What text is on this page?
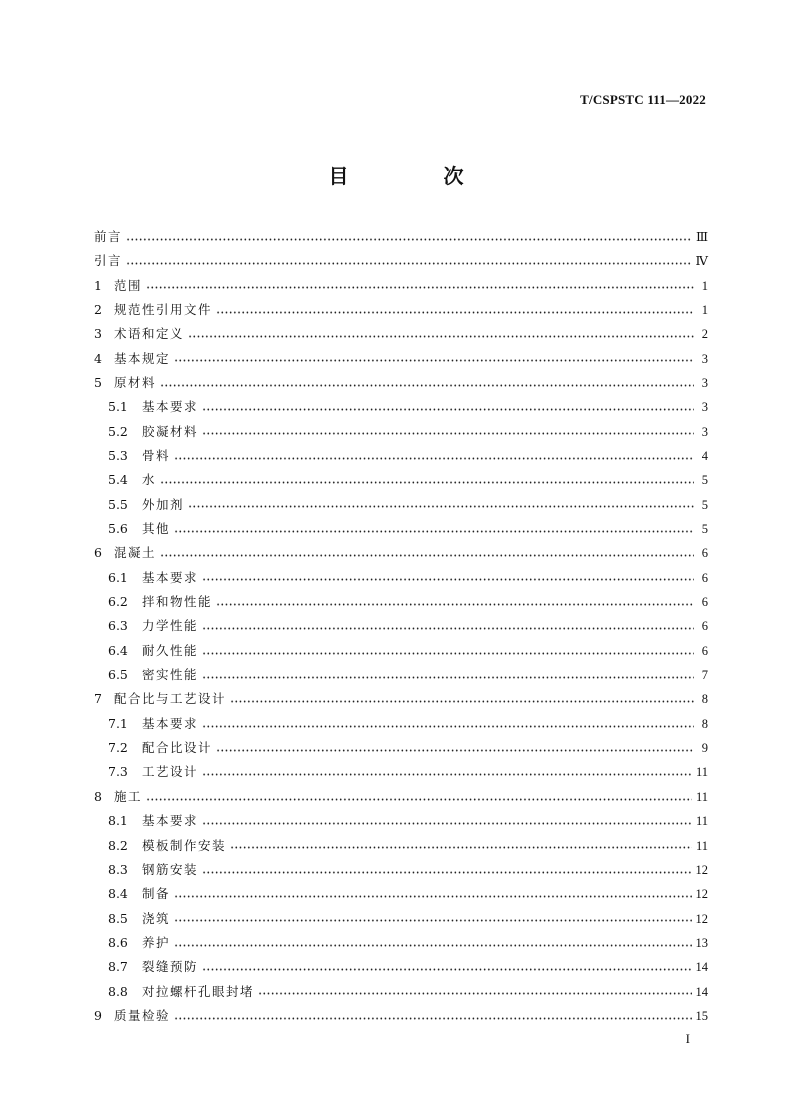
T/CSPSTC 111—2022
目 次
前言	Ⅲ
引言	Ⅳ
1 范围	1
2 规范性引用文件	1
3 术语和定义	2
4 基本规定	3
5 原材料	3
5.1	基本要求	3
5.2	胶凝材料	3
5.3	骨料	4
5.4	水	5
5.5	外加剂	5
5.6	其他	5
6 混凝土	6
6.1	基本要求	6
6.2	拌和物性能	6
6.3	力学性能	6
6.4	耐久性能	6
6.5	密实性能	7
7 配合比与工艺设计	8
7.1	基本要求	8
7.2	配合比设计	9
7.3	工艺设计	11
8 施工	11
8.1	基本要求	11
8.2	模板制作安装	11
8.3	钢筋安装	12
8.4	制备	12
8.5	浇筑	12
8.6	养护	13
8.7	裂缝预防	14
8.8	对拉螺杆孔眼封堵	14
9 质量检验	15
I
